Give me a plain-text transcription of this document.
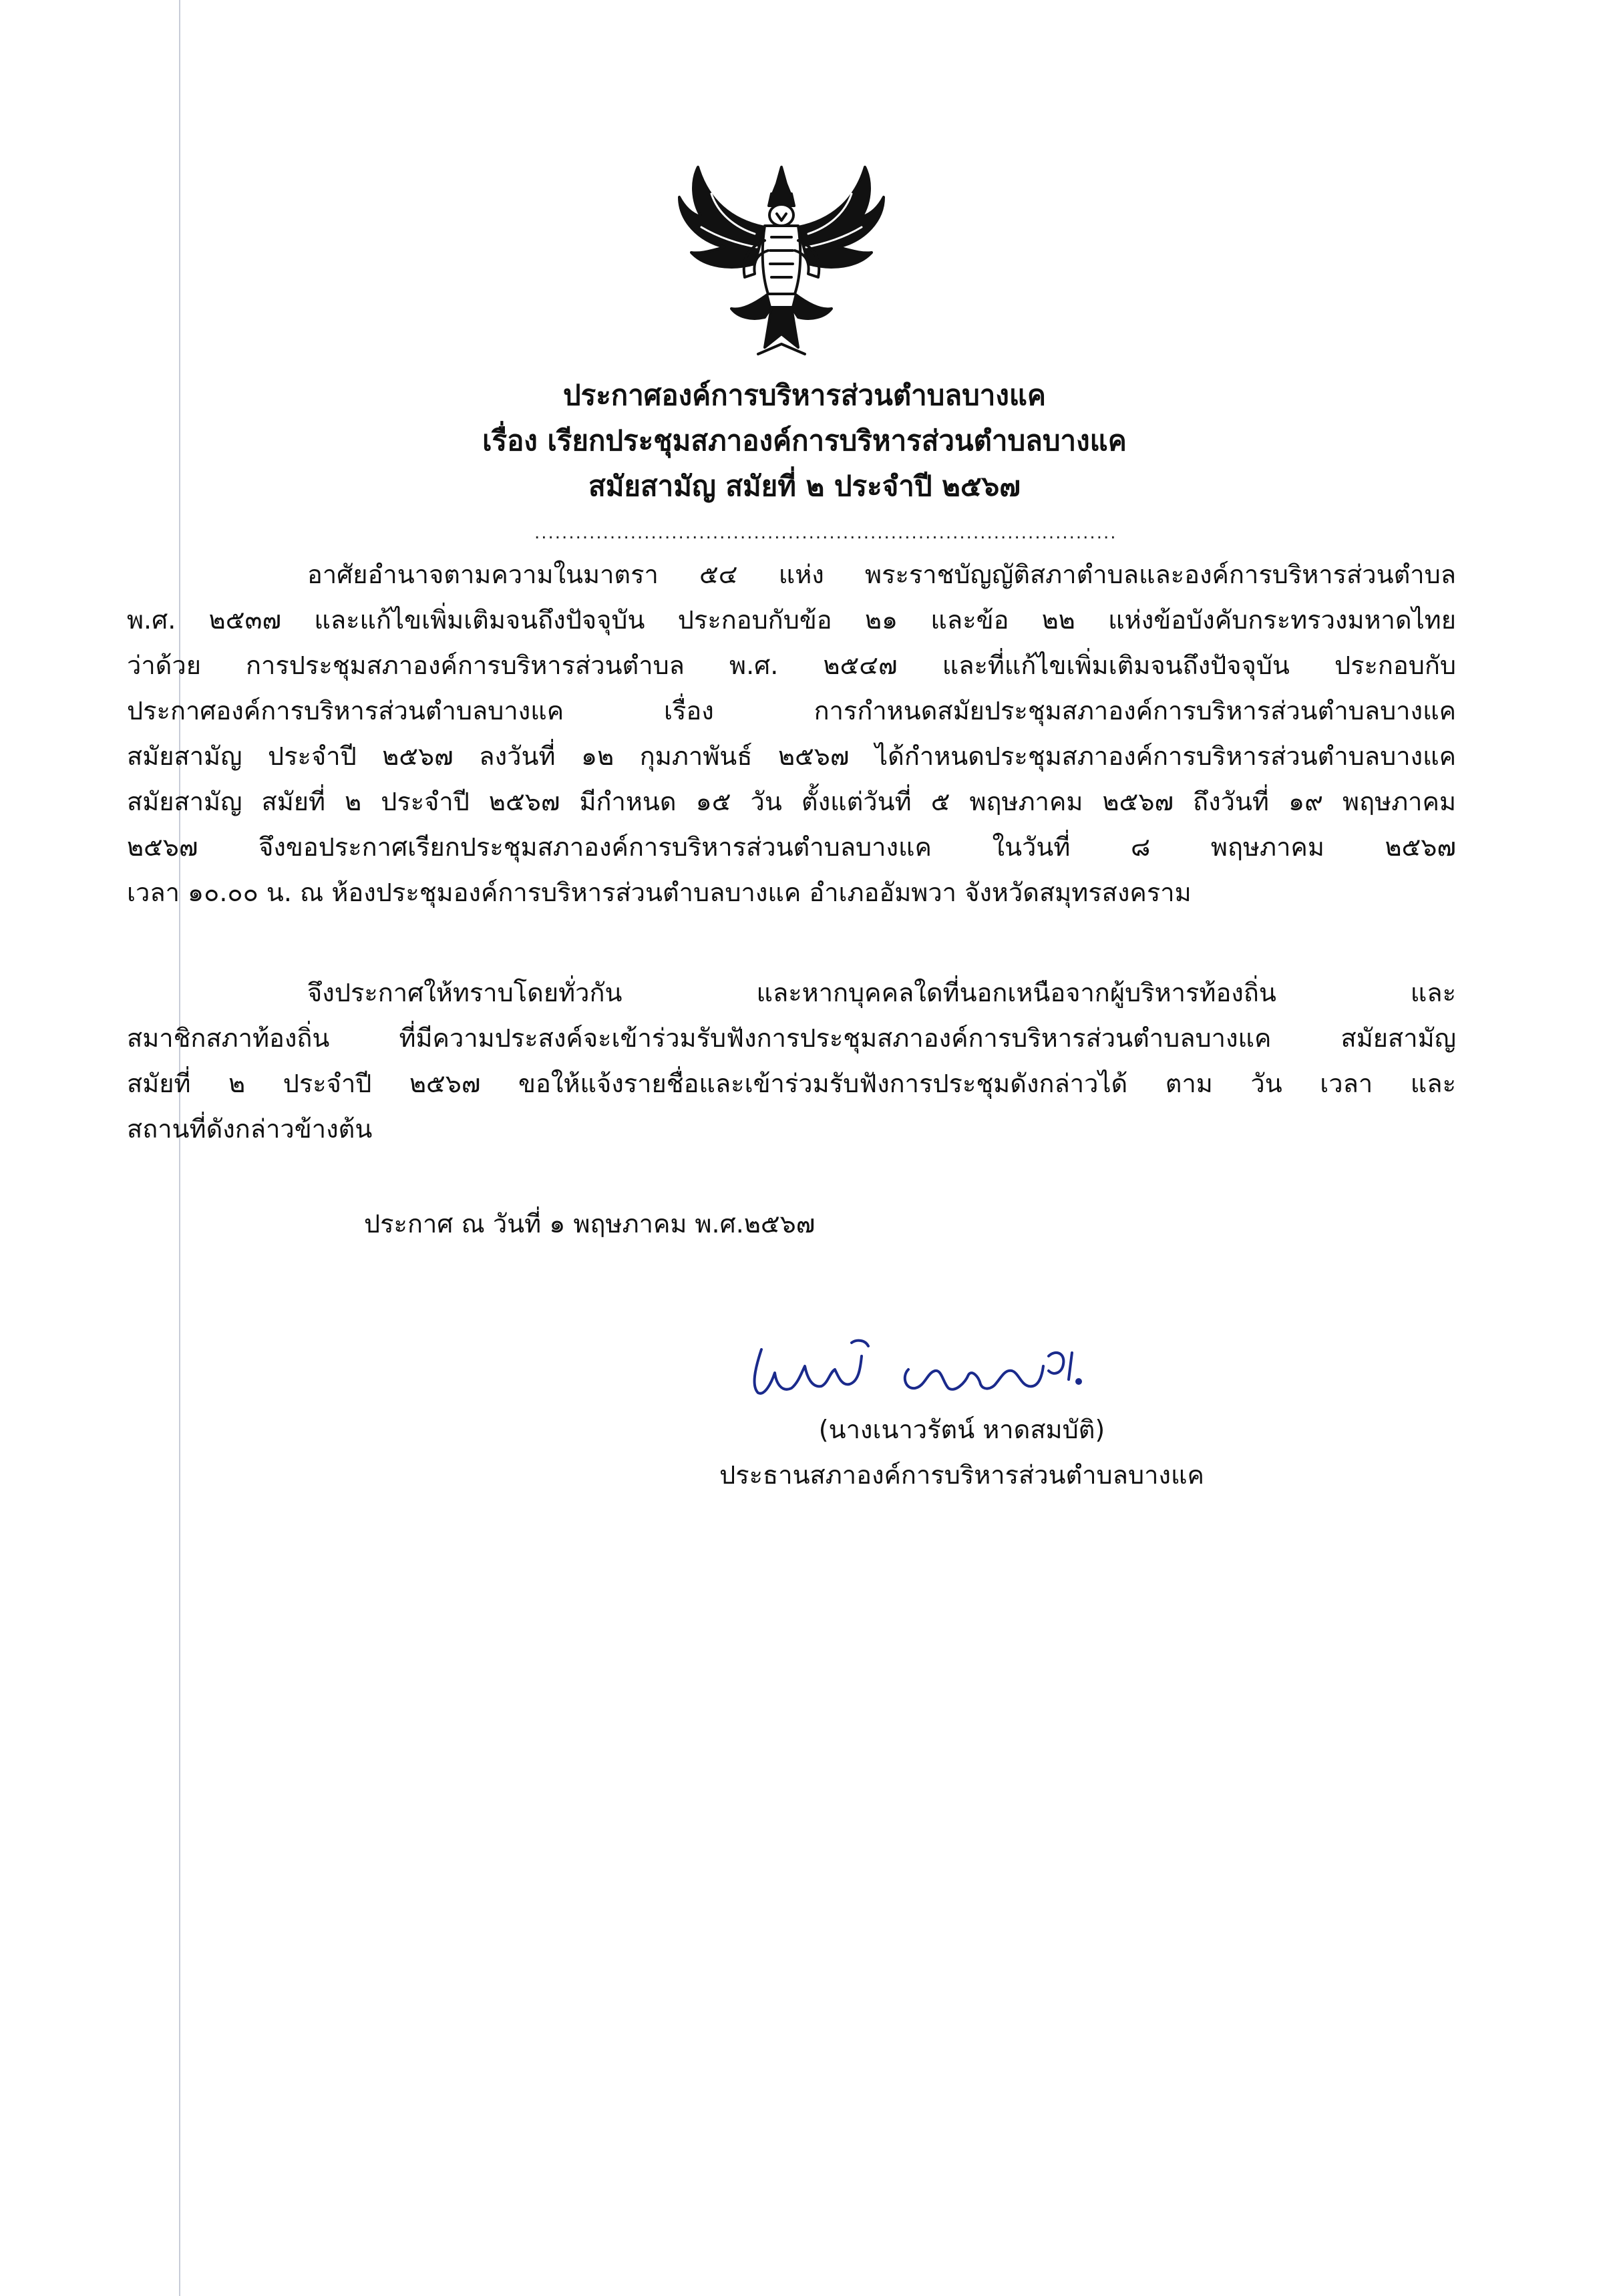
ประกาศองค์การบริหารส่วนตำบลบางแค
เรื่อง เรียกประชุมสภาองค์การบริหารส่วนตำบลบางแค
สมัยสามัญ สมัยที่ ๒ ประจำปี ๒๕๖๗
.....................................................................................
อาศัยอำนาจตามความในมาตรา ๕๔ แห่ง พระราชบัญญัติสภาตำบลและองค์การบริหารส่วนตำบล
พ.ศ. ๒๕๓๗ และแก้ไขเพิ่มเติมจนถึงปัจจุบัน ประกอบกับข้อ ๒๑ และข้อ ๒๒ แห่งข้อบังคับกระทรวงมหาดไทย
ว่าด้วย การประชุมสภาองค์การบริหารส่วนตำบล พ.ศ. ๒๕๔๗ และที่แก้ไขเพิ่มเติมจนถึงปัจจุบัน ประกอบกับ
ประกาศองค์การบริหารส่วนตำบลบางแค เรื่อง การกำหนดสมัยประชุมสภาองค์การบริหารส่วนตำบลบางแค
สมัยสามัญ ประจำปี ๒๕๖๗ ลงวันที่ ๑๒ กุมภาพันธ์ ๒๕๖๗ ได้กำหนดประชุมสภาองค์การบริหารส่วนตำบลบางแค
สมัยสามัญ สมัยที่ ๒ ประจำปี ๒๕๖๗ มีกำหนด ๑๕ วัน ตั้งแต่วันที่ ๕ พฤษภาคม ๒๕๖๗ ถึงวันที่ ๑๙ พฤษภาคม
๒๕๖๗ จึงขอประกาศเรียกประชุมสภาองค์การบริหารส่วนตำบลบางแค ในวันที่ ๘ พฤษภาคม ๒๕๖๗
เวลา ๑๐.๐๐ น. ณ ห้องประชุมองค์การบริหารส่วนตำบลบางแค อำเภออัมพวา จังหวัดสมุทรสงคราม
จึงประกาศให้ทราบโดยทั่วกัน และหากบุคคลใดที่นอกเหนือจากผู้บริหารท้องถิ่น และ
สมาชิกสภาท้องถิ่น ที่มีความประสงค์จะเข้าร่วมรับฟังการประชุมสภาองค์การบริหารส่วนตำบลบางแค สมัยสามัญ
สมัยที่ ๒ ประจำปี ๒๕๖๗ ขอให้แจ้งรายชื่อและเข้าร่วมรับฟังการประชุมดังกล่าวได้ ตาม วัน เวลา และ
สถานที่ดังกล่าวข้างต้น
ประกาศ ณ วันที่ ๑ พฤษภาคม พ.ศ.๒๕๖๗
(นางเนาวรัตน์ หาดสมบัติ)
ประธานสภาองค์การบริหารส่วนตำบลบางแค
